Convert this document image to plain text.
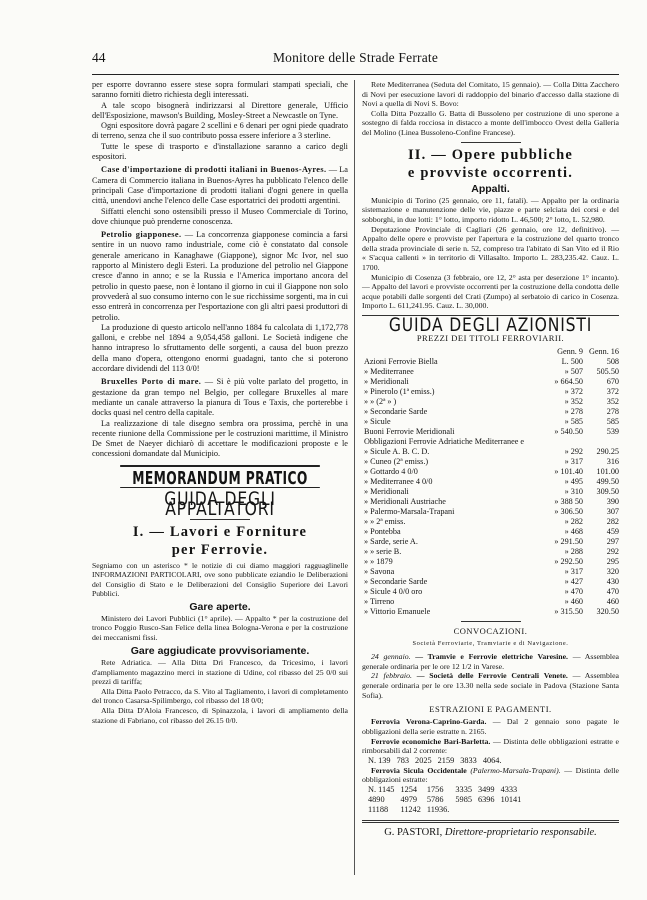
44	Monitore delle Strade Ferrate

per esporre dovranno essere stese sopra formulari stampati speciali, che saranno forniti dietro richiesta degli interessati.

A tale scopo bisognerà indirizzarsi al Direttore generale, Ufficio dell'Esposizione, mawson's Building, Mosley-Street a Newcastle on Tyne.

Ogni espositore dovrà pagare 2 scellini e 6 denari per ogni piede quadrato di terreno, senza che il suo contributo possa essere inferiore a 3 sterline.

Tutte le spese di trasporto e d'installazione saranno a carico degli espositori.

Case d'importazione di prodotti italiani in Buenos-Ayres. — La Camera di Commercio italiana in Buenos-Ayres ha pubblicato l'elenco delle principali Case d'importazione di prodotti italiani d'ogni genere in quella città, unendovi anche l'elenco delle Case esportatrici dei prodotti argentini.

Siffatti elenchi sono ostensibili presso il Museo Commerciale di Torino, dove chiunque può prenderne conoscenza.

Petrolio giapponese. — La concorrenza giapponese comincia a farsi sentire in un nuovo ramo industriale, come ciò è constatato dal console generale americano in Kanaghawe (Giappone), signor Mc Ivor, nel suo rapporto al Ministero degli Esteri. La produzione del petrolio nel Giappone cresce d'anno in anno; e se la Russia e l'America importano ancora del petrolio in questo paese, non è lontano il giorno in cui il Giappone non solo provvederà al suo consumo interno con le sue ricchissime sorgenti, ma in cui esso entrerà in concorrenza per l'esportazione con gli altri paesi produttori di petrolio.

La produzione di questo articolo nell'anno 1884 fu calcolata di 1,172,778 galloni, e crebbe nel 1894 a 9,054,458 galloni. Le Società indigene che hanno intrapreso lo sfruttamento delle sorgenti, a causa del buon prezzo della mano d'opera, ottengono enormi guadagni, tanto che si poterono accordare dividendi del 113 0/0!

Bruxelles Porto di mare. — Si è più volte parlato del progetto, in gestazione da gran tempo nel Belgio, per collegare Bruxelles al mare mediante un canale attraverso la pianura di Tous e Taxis, che porterebbe i docks quasi nel centro della capitale.

La realizzazione di tale disegno sembra ora prossima, perchè in una recente riunione della Commissione per le costruzioni marittime, il Ministro De Smet de Naeyer dichiarò di accettare le modificazioni proposte e le concessioni domandate dal Municipio.

MEMORANDUM PRATICO
GUIDA DEGLI APPALTATORI
I. — Lavori e Forniture
per Ferrovie.

Segniamo con un asterisco * le notizie di cui diamo maggiori ragguaglinelle INFORMAZIONI PARTICOLARI, ove sono pubblicate eziandio le Deliberazioni del Consiglio di Stato e le Deliberazioni del Consiglio Superiore dei Lavori Pubblici.

Gare aperte.

Ministero dei Lavori Pubblici (1° aprile). — Appalto * per la costruzione del tronco Poggio Rusco-San Felice della linea Bologna-Verona e per la costruzione dei meccanismi fissi.

Gare aggiudicate provvisoriamente.

Rete Adriatica. — Alla Ditta Dri Francesco, da Tricesimo, i lavori d'ampliamento magazzino merci in stazione di Udine, col ribasso del 25 0/0 sui prezzi di tariffa;

Alla Ditta Paolo Petracco, da S. Vito al Tagliamento, i lavori di completamento del tronco Casarsa-Spilimbergo, col ribasso del 18 0/0;

Alla Ditta D'Aloia Francesco, di Spinazzola, i lavori di ampliamento della stazione di Fabriano, col ribasso del 26.15 0/0.

Rete Mediterranea (Seduta del Comitato, 15 gennaio). — Colla Ditta Zacchero di Novi per esecuzione lavori di raddoppio del binario d'accesso dalla stazione di Novi a quella di Novi S. Bovo:

Colla Ditta Pozzallo G. Batta di Bussoleno per costruzione di uno sperone a sostegno di falda rocciosa in distacco a monte dell'imbocco Ovest della Galleria del Molino (Linea Bussoleno-Confine Francese).

II. — Opere pubbliche
e provviste occorrenti.
Appalti.

Municipio di Torino (25 gennaio, ore 11, fatali). — Appalto per la ordinaria sistemazione e manutenzione delle vie, piazze e parte selciata dei corsi e del sobborghi, in due lotti: 1° lotto, importo ridotto L. 46,500; 2° lotto, L. 52,980.

Deputazione Provinciale di Cagliari (26 gennaio, ore 12, definitivo). — Appalto delle opere e provviste per l'apertura e la costruzione del quarto tronco della strada provinciale di serie n. 52, compreso tra l'abitato di San Vito ed il Rio « S'acqua callenti » in territorio di Villasalto. Importo L. 283,235.42. Cauz. L. 1700.

Municipio di Cosenza (3 febbraio, ore 12, 2° asta per deserzione 1° incanto). — Appalto del lavori e provviste occorrenti per la costruzione della condotta delle acque potabili dalle sorgenti del Crati (Zumpo) al serbatoio di carico in Cosenza. Importo L. 611,241.95. Cauz. L. 30,000.

GUIDA DEGLI AZIONISTI
PREZZI DEI TITOLI FERROVIARII.
	Genn. 9	Genn. 16
Azioni Ferrovie Biella	L. 500	508
» Mediterranee	» 507	505.50
» Meridionali	» 664.50	670
» Pinerolo (1ª emiss.)	» 372	372
» » (2ª » )	» 352	352
» Secondarie Sarde	» 278	278
» Sicule	» 585	585
Buoni Ferrovie Meridionali	» 540.50	539
Obbligazioni Ferrovie Adriatiche Mediterranee e		
» Sicule A. B. C. D.	» 292	290.25
» Cuneo (2ª emiss.)	» 317	316
» Gottardo 4 0/0	» 101.40	101.00
» Mediterranee 4 0/0	» 495	499.50
» Meridionali	» 310	309.50
» Meridionali Austriache	» 388 50	390
» Palermo-Marsala-Trapani	» 306.50	307
» » 2ª emiss.	» 282	282
» Pontebba	» 468	459
» Sarde, serie A.	» 291.50	297
» » serie B.	» 288	292
» » 1879	» 292.50	295
» Savona	» 317	320
» Secondarie Sarde	» 427	430
» Sicule 4 0/0 oro	» 470	470
» Tirreno	» 460	460
» Vittorio Emanuele	» 315.50	320.50
CONVOCAZIONI.
Società Ferroviarie, Tramviarie e di Navigazione.

24 gennaio. — Tramvie e Ferrovie elettriche Varesine. — Assemblea generale ordinaria per le ore 12 1/2 in Varese.

21 febbraio. — Società delle Ferrovie Centrali Venete. — Assemblea generale ordinaria per le ore 13.30 nella sede sociale in Padova (Stazione Santa Sofia).

ESTRAZIONI E PAGAMENTI.

Ferrovia Verona-Caprino-Garda. — Dal 2 gennaio sono pagate le obbligazioni della serie estratte n. 2165.

Ferrovie economiche Bari-Barletta. — Distinta delle obbligazioni estratte e rimborsabili dal 2 corrente:

N. 139	783	2025	2159	3833	4064.

Ferrovia Sicula Occidentale (Palermo-Marsala-Trapani). — Distinta delle obbligazioni estratte:

N. 1145	1254	1756	3335	3499	4333
4890	4979	5786	5985	6396	10141
11188	11242	11936.			
G. PASTORI, Direttore-proprietario responsabile.
